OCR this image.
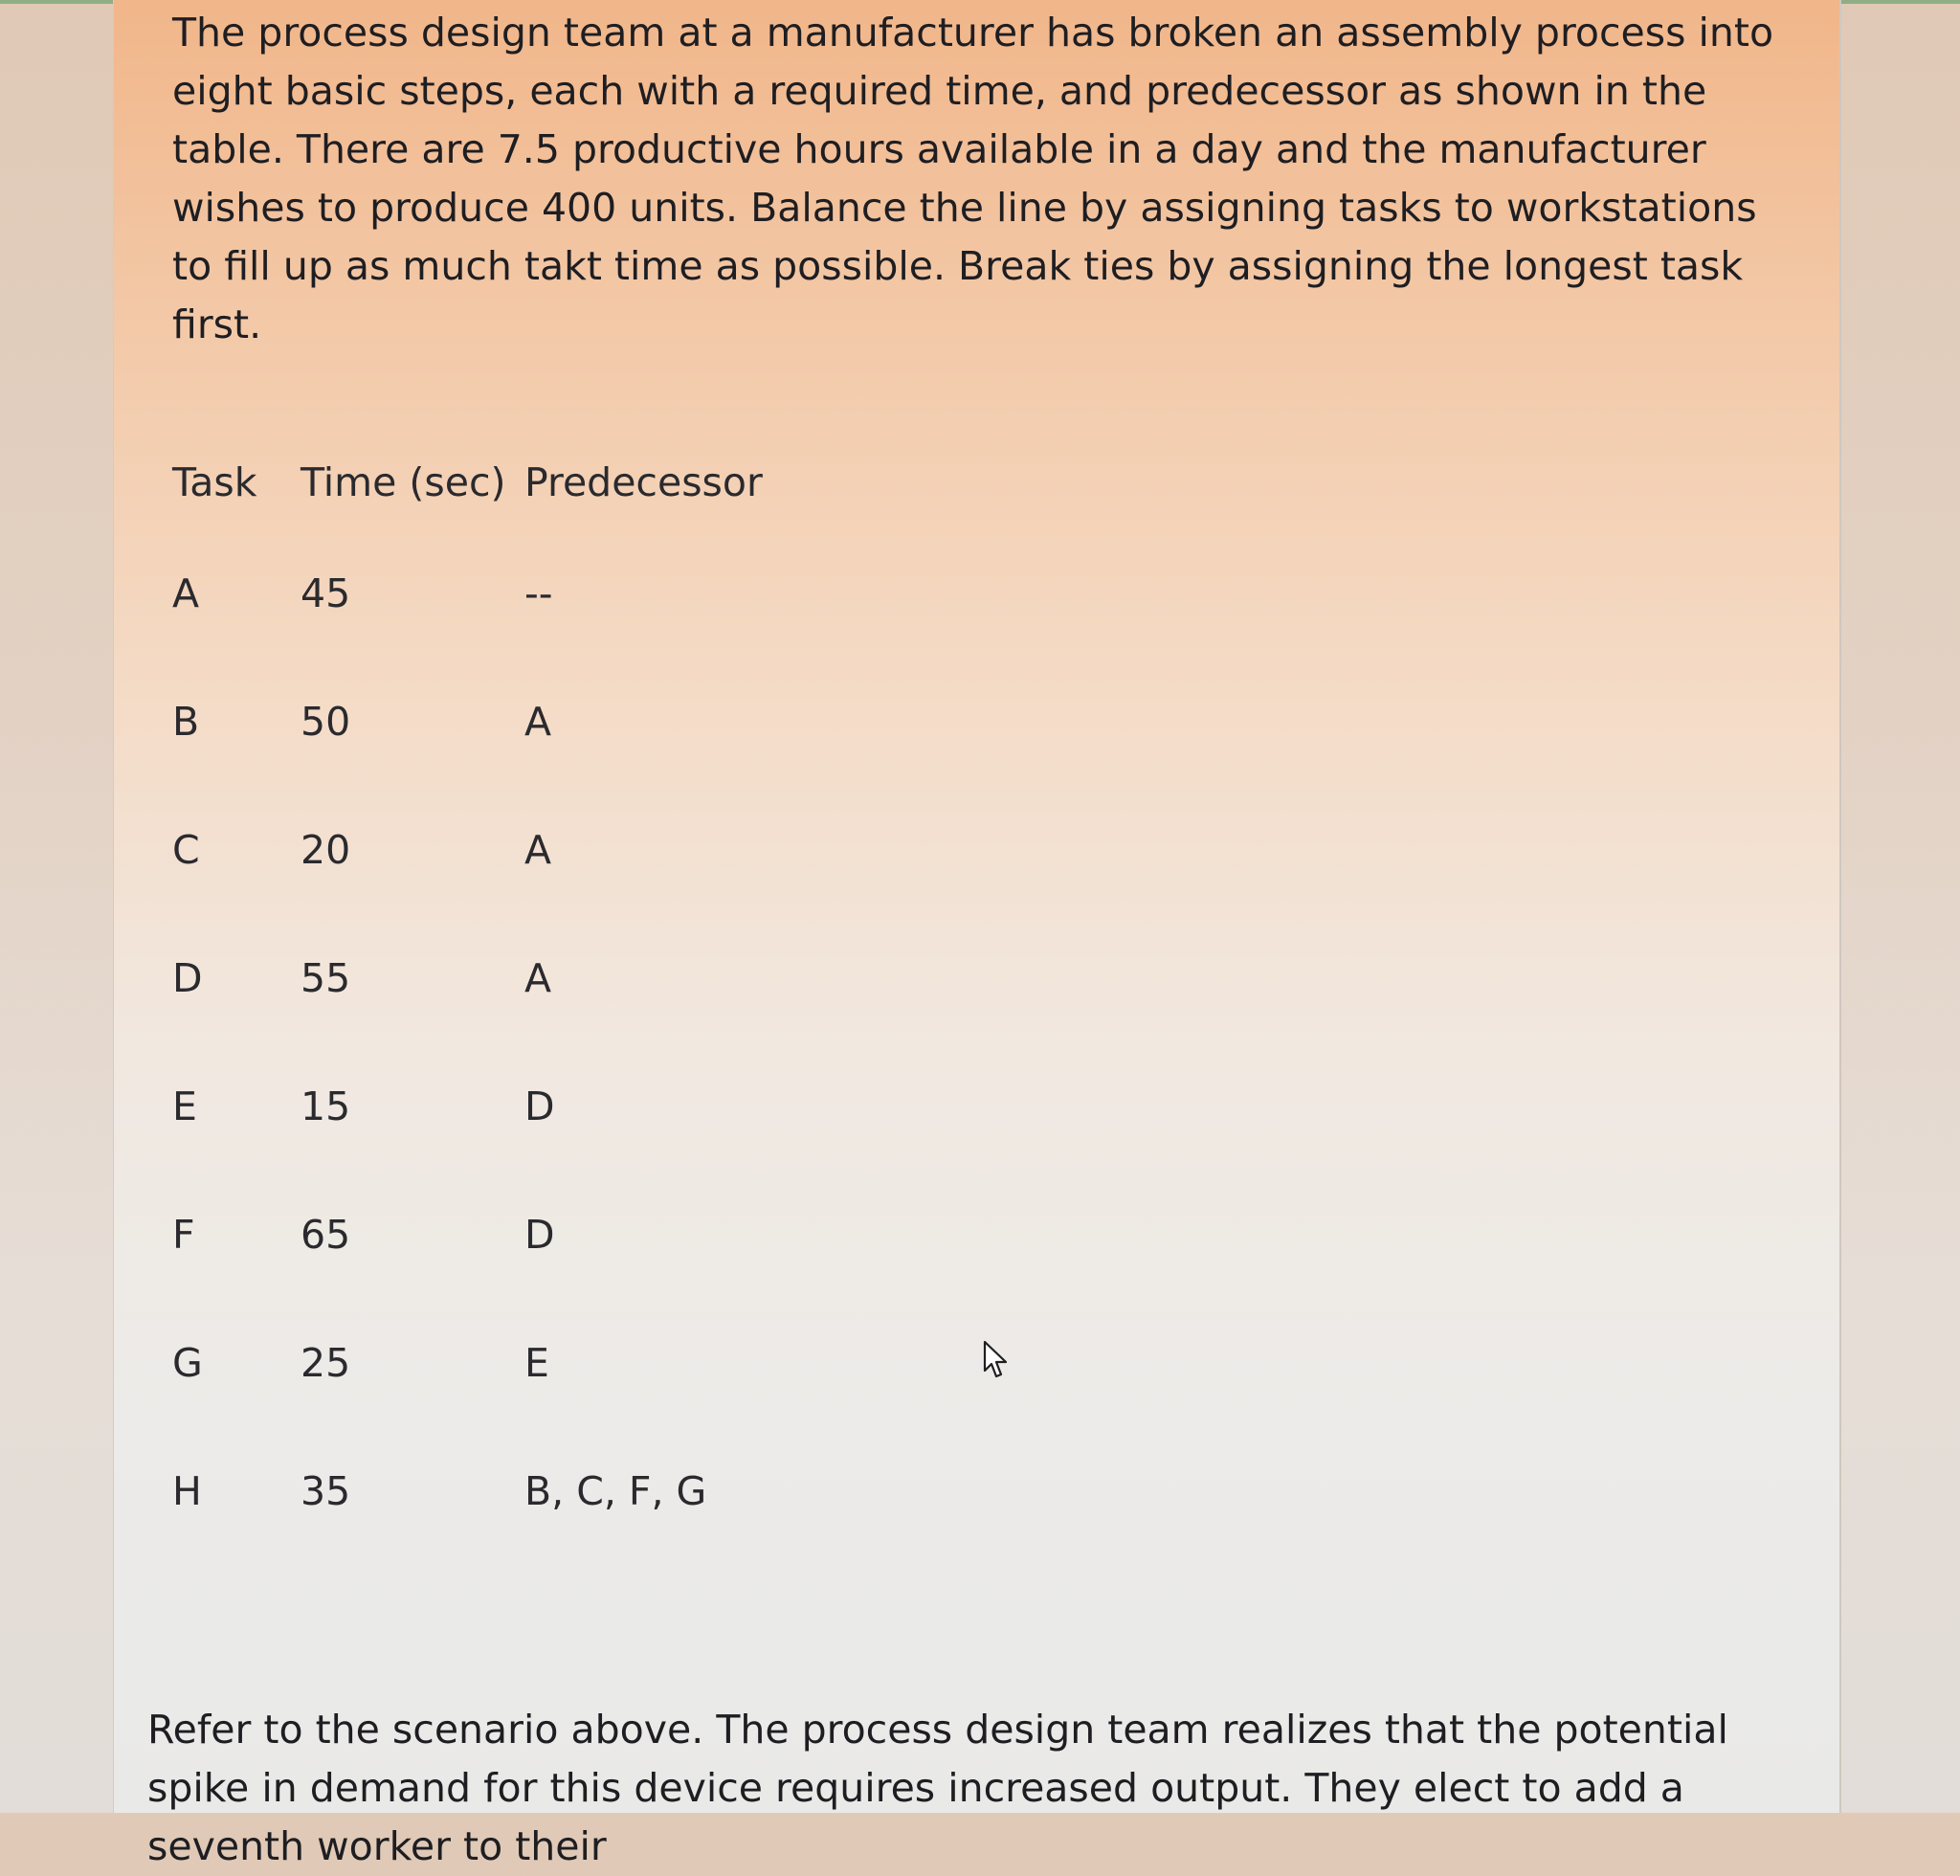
The process design team at a manufacturer has broken an assembly process into eight basic steps, each with a required time, and predecessor as shown in the table. There are 7.5 productive hours available in a day and the manufacturer wishes to produce 400 units. Balance the line by assigning tasks to workstations to fill up as much takt time as possible. Break ties by assigning the longest task first.

Task	Time (sec)	Predecessor
A	45	--
B	50	A
C	20	A
D	55	A
E	15	D
F	65	D
G	25	E
H	35	B, C, F, G

Refer to the scenario above. The process design team realizes that the potential spike in demand for this device requires increased output. They elect to add a seventh worker to their
